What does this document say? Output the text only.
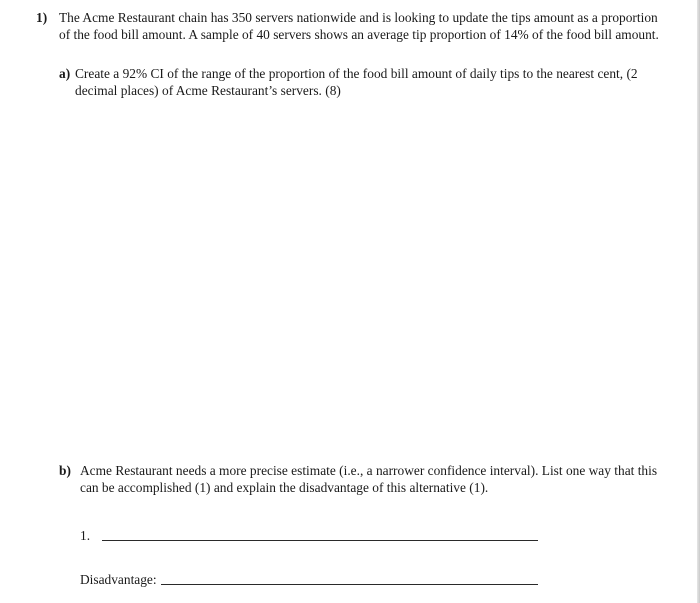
1) The Acme Restaurant chain has 350 servers nationwide and is looking to update the tips amount as a proportion of the food bill amount. A sample of 40 servers shows an average tip proportion of 14% of the food bill amount.
a) Create a 92% CI of the range of the proportion of the food bill amount of daily tips to the nearest cent, (2 decimal places) of Acme Restaurant’s servers. (8)
b) Acme Restaurant needs a more precise estimate (i.e., a narrower confidence interval). List one way that this can be accomplished (1) and explain the disadvantage of this alternative (1).
1.
Disadvantage:
